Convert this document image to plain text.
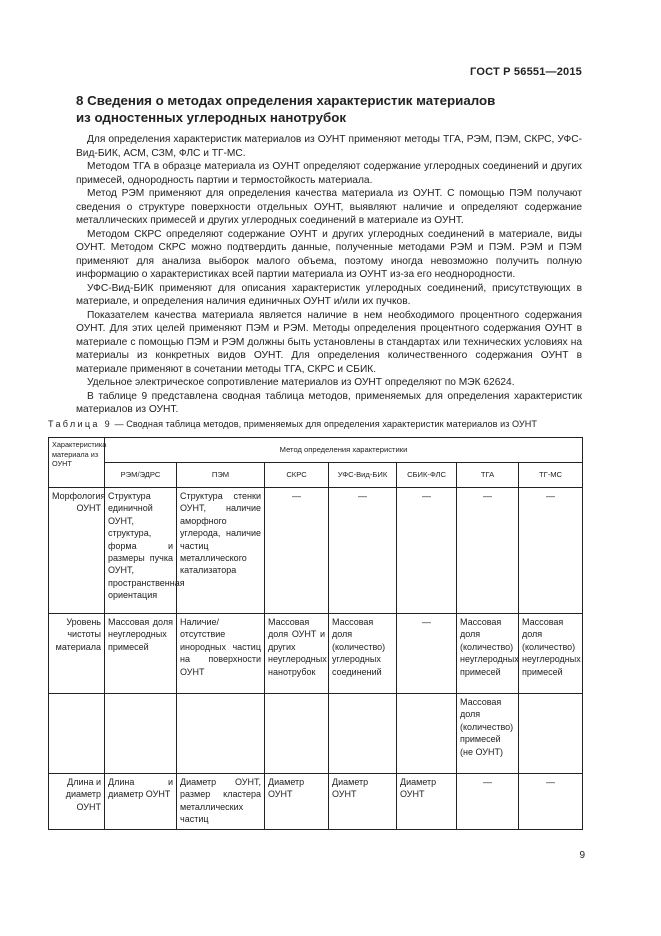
ГОСТ Р 56551—2015
8 Сведения о методах определения характеристик материалов
из одностенных углеродных нанотрубок

Для определения характеристик материалов из ОУНТ применяют методы ТГА, РЭМ, ПЭМ, СКРС, УФС-Вид-БИК, АСМ, СЗМ, ФЛС и ТГ-МС.

Методом ТГА в образце материала из ОУНТ определяют содержание углеродных соединений и других примесей, однородность партии и термостойкость материала.

Метод РЭМ применяют для определения качества материала из ОУНТ. С помощью ПЭМ получают сведения о структуре поверхности отдельных ОУНТ, выявляют наличие и определяют содержание металлических примесей и других углеродных соединений в материале из ОУНТ.

Методом СКРС определяют содержание ОУНТ и других углеродных соединений в материале, виды ОУНТ. Методом СКРС можно подтвердить данные, полученные методами РЭМ и ПЭМ. РЭМ и ПЭМ применяют для анализа выборок малого объема, поэтому иногда невозможно получить полную информацию о характеристиках всей партии материала из ОУНТ из-за его неоднородности.

УФС-Вид-БИК применяют для описания характеристик углеродных соединений, присутствующих в материале, и определения наличия единичных ОУНТ и/или их пучков.

Показателем качества материала является наличие в нем необходимого процентного содержания ОУНТ. Для этих целей применяют ПЭМ и РЭМ. Методы определения процентного содержания ОУНТ в материале с помощью ПЭМ и РЭМ должны быть установлены в стандартах или технических условиях на материалы из конкретных видов ОУНТ. Для определения количественного содержания ОУНТ в материале применяют в сочетании методы ТГА, СКРС и СБИК.

Удельное электрическое сопротивление материалов из ОУНТ определяют по МЭК 62624.

В таблице 9 представлена сводная таблица методов, применяемых для определения характеристик материалов из ОУНТ.

Таблица 9 — Сводная таблица методов, применяемых для определения характеристик материалов из ОУНТ
Характеристика материала из ОУНТ	Метод определения характеристики						
	РЭМ/ЭДРС	ПЭМ	СКРС	УФС-Вид-БИК	СБИК-ФЛС	ТГА	ТГ-МС
Морфология ОУНТ	Структура единичной ОУНТ, структура, форма и размеры пучка ОУНТ, пространственная ориентация	Структура стенки ОУНТ, наличие аморфного углерода, наличие частиц металлического катализатора	—	—	—	—	—
Уровень чистоты материала	Массовая доля неуглеродных примесей	Наличие/отсутствие инородных частиц на поверхности ОУНТ	Массовая доля ОУНТ и других неуглеродных нанотрубок	Массовая доля (количество) углеродных соединений	—	Массовая доля (количество) неуглеродных примесей	Массовая доля (количество) неуглеродных примесей
						Массовая доля (количество) примесей (не ОУНТ)	
Длина и диаметр ОУНТ	Длина и диаметр ОУНТ	Диаметр ОУНТ, размер кластера металлических частиц	Диаметр ОУНТ	Диаметр ОУНТ	Диаметр ОУНТ	—	—
9
